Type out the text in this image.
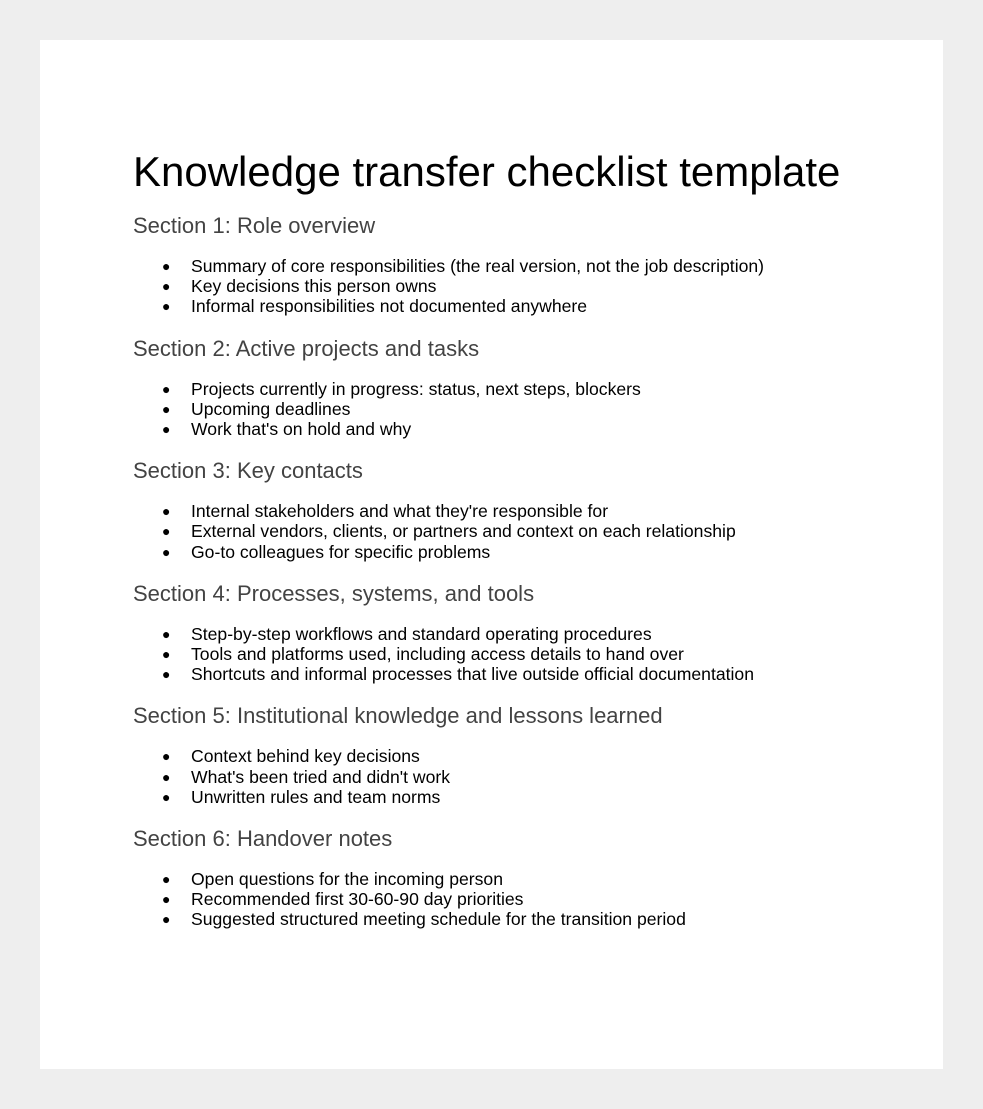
Knowledge transfer checklist template
Section 1: Role overview
● Summary of core responsibilities (the real version, not the job description)
● Key decisions this person owns
● Informal responsibilities not documented anywhere
Section 2: Active projects and tasks
● Projects currently in progress: status, next steps, blockers
● Upcoming deadlines
● Work that's on hold and why
Section 3: Key contacts
● Internal stakeholders and what they're responsible for
● External vendors, clients, or partners and context on each relationship
● Go-to colleagues for specific problems
Section 4: Processes, systems, and tools
● Step-by-step workflows and standard operating procedures
● Tools and platforms used, including access details to hand over
● Shortcuts and informal processes that live outside official documentation
Section 5: Institutional knowledge and lessons learned
● Context behind key decisions
● What's been tried and didn't work
● Unwritten rules and team norms
Section 6: Handover notes
● Open questions for the incoming person
● Recommended first 30-60-90 day priorities
● Suggested structured meeting schedule for the transition period
